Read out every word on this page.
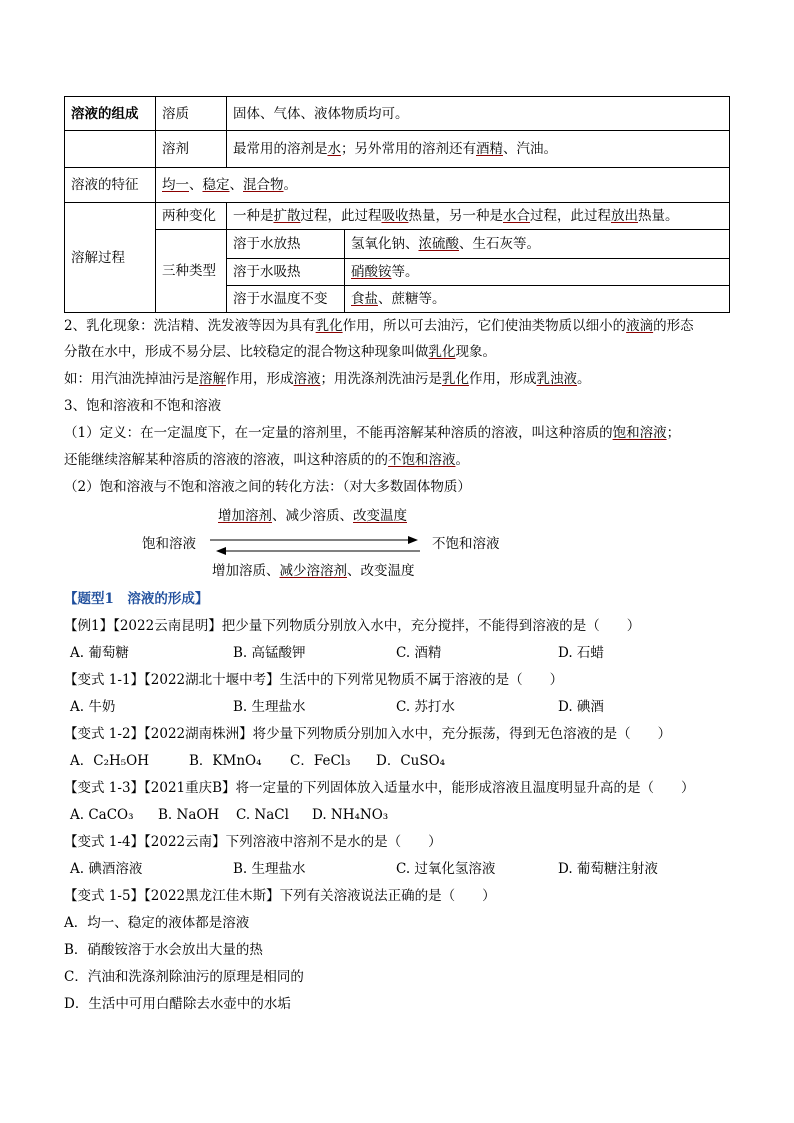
溶液的组成	溶质	固体、气体、液体物质均可。	
	溶剂	最常用的溶剂是水；另外常用的溶剂还有酒精、汽油。	
溶液的特征	均一、稳定、混合物。		
溶解过程	两种变化	一种是扩散过程，此过程吸收热量，另一种是水合过程，此过程放出热量。	
	三种类型	溶于水放热	氢氧化钠、浓硫酸、生石灰等。
		溶于水吸热	硝酸铵等。
		溶于水温度不变	食盐、蔗糖等。
2、乳化现象：洗洁精、洗发液等因为具有乳化作用，所以可去油污，它们使油类物质以细小的液滴的形态
分散在水中，形成不易分层、比较稳定的混合物这种现象叫做乳化现象。
如：用汽油洗掉油污是溶解作用，形成溶液；用洗涤剂洗油污是乳化作用，形成乳浊液。
3、饱和溶液和不饱和溶液
（1）定义：在一定温度下，在一定量的溶剂里，不能再溶解某种溶质的溶液，叫这种溶质的饱和溶液；
还能继续溶解某种溶质的溶液的溶液，叫这种溶质的的不饱和溶液。
（2）饱和溶液与不饱和溶液之间的转化方法：（对大多数固体物质）
增加溶剂、减少溶质、改变温度
饱和溶液	不饱和溶液
增加溶质、减少溶溶剂、改变温度
【题型1　溶液的形成】
【例1】【2022云南昆明】把少量下列物质分别放入水中，充分搅拌，不能得到溶液的是（　　）
A. 葡萄糖	B. 高锰酸钾	C. 酒精	D. 石蜡
【变式 1-1】【2022湖北十堰中考】生活中的下列常见物质不属于溶液的是（　　）
A. 牛奶	B. 生理盐水	C. 苏打水	D. 碘酒
【变式 1-2】【2022湖南株洲】将少量下列物质分别加入水中，充分振荡，得到无色溶液的是（　　）
A．C₂H₅OH	B．KMnO₄ C．FeCl₃ D．CuSO₄
【变式 1-3】【2021重庆B】将一定量的下列固体放入适量水中，能形成溶液且温度明显升高的是（　　）
A. CaCO₃ B. NaOH C. NaCl D. NH₄NO₃
【变式 1-4】【2022云南】下列溶液中溶剂不是水的是（　　）
A. 碘酒溶液	B. 生理盐水	C. 过氧化氢溶液	D. 葡萄糖注射液
【变式 1-5】【2022黑龙江佳木斯】下列有关溶液说法正确的是（　　）
A．均一、稳定的液体都是溶液
B．硝酸铵溶于水会放出大量的热
C．汽油和洗涤剂除油污的原理是相同的
D．生活中可用白醋除去水壶中的水垢
